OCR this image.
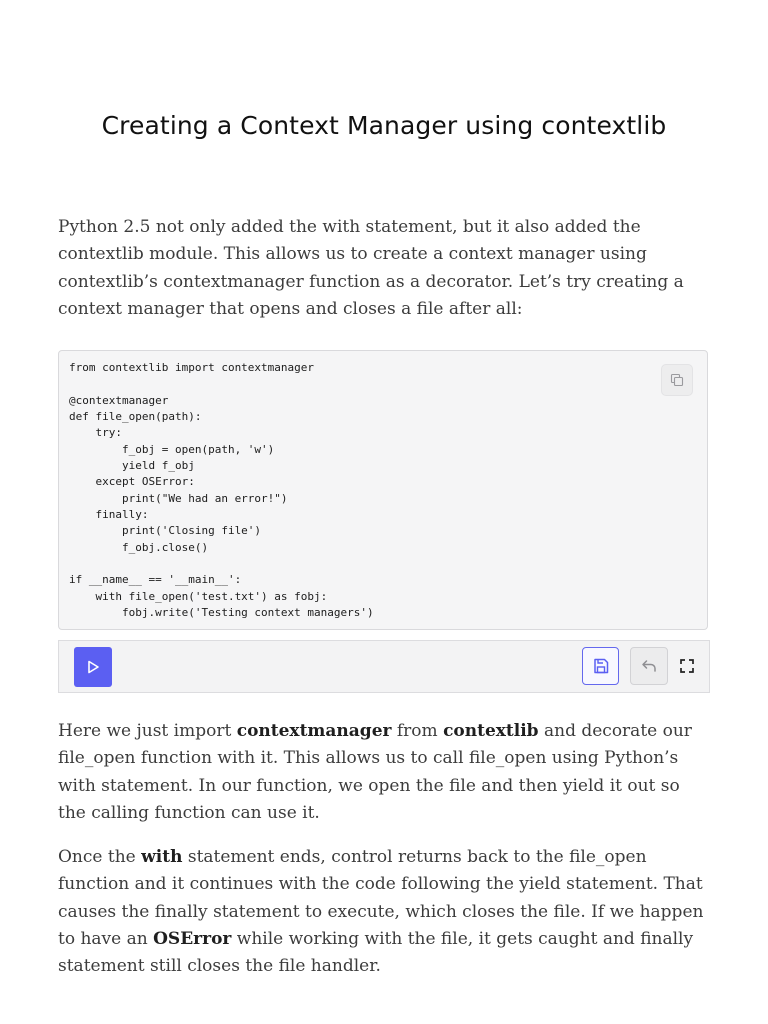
Creating a Context Manager using contextlib

Python 2.5 not only added the with statement, but it also added the contextlib module. This allows us to create a context manager using contextlib’s contextmanager function as a decorator. Let’s try creating a context manager that opens and closes a file after all:

from contextlib import contextmanager

@contextmanager
def file_open(path):
try:
f_obj = open(path, 'w')
yield f_obj
except OSError:
print("We had an error!")
finally:
print('Closing file')
f_obj.close()

if __name__ == '__main__':
with file_open('test.txt') as fobj:
fobj.write('Testing context managers')

Here we just import contextmanager from contextlib and decorate our file_open function with it. This allows us to call file_open using Python’s with statement. In our function, we open the file and then yield it out so the calling function can use it.

Once the with statement ends, control returns back to the file_open function and it continues with the code following the yield statement. That causes the finally statement to execute, which closes the file. If we happen to have an OSError while working with the file, it gets caught and finally statement still closes the file handler.
